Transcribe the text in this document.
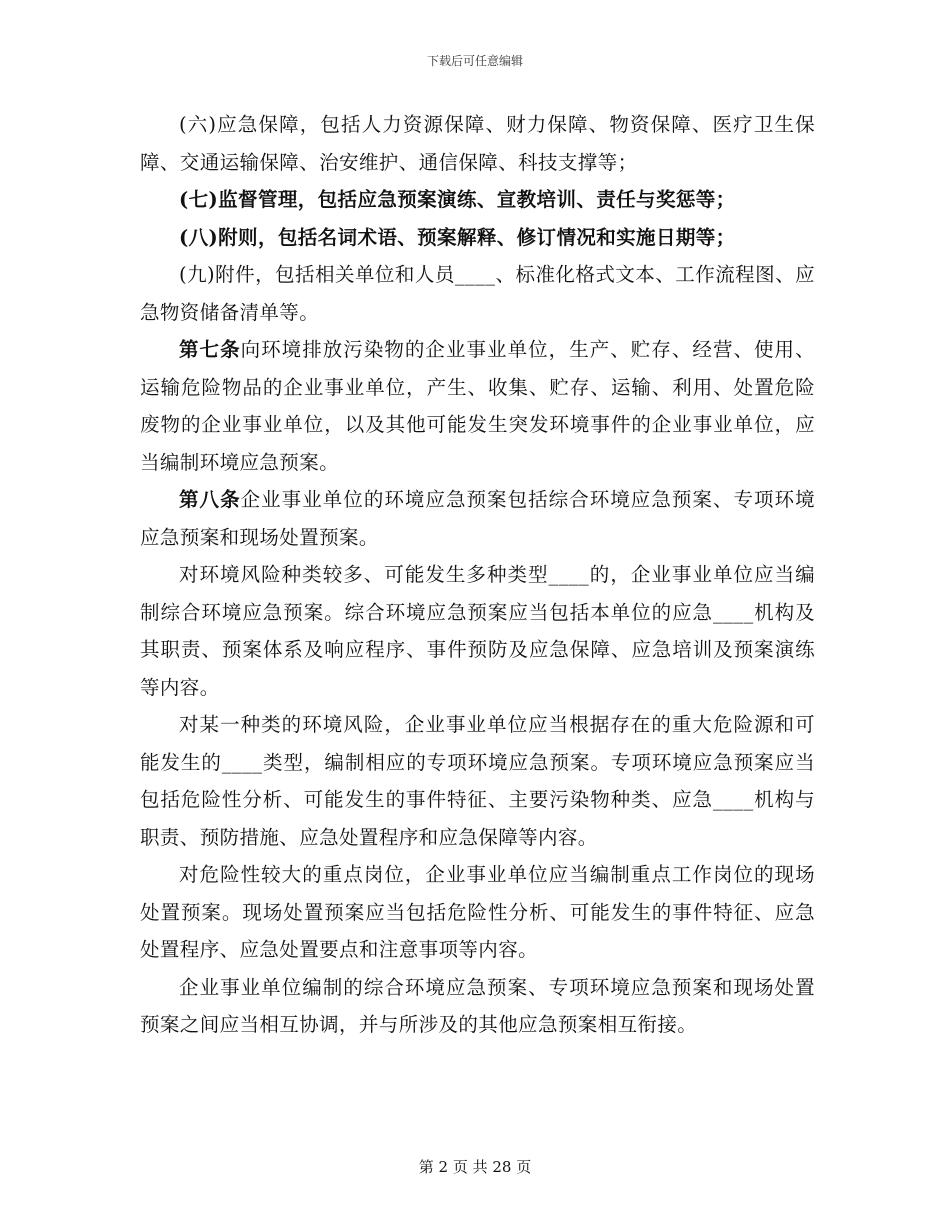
下载后可任意编辑

(六)应急保障，包括人力资源保障、财力保障、物资保障、医疗卫生保障、交通运输保障、治安维护、通信保障、科技支撑等；

(七)监督管理，包括应急预案演练、宣教培训、责任与奖惩等；

(八)附则，包括名词术语、预案解释、修订情况和实施日期等；

(九)附件，包括相关单位和人员____、标准化格式文本、工作流程图、应急物资储备清单等。

第七条向环境排放污染物的企业事业单位，生产、贮存、经营、使用、运输危险物品的企业事业单位，产生、收集、贮存、运输、利用、处置危险废物的企业事业单位，以及其他可能发生突发环境事件的企业事业单位，应当编制环境应急预案。

第八条企业事业单位的环境应急预案包括综合环境应急预案、专项环境应急预案和现场处置预案。

对环境风险种类较多、可能发生多种类型____的，企业事业单位应当编制综合环境应急预案。综合环境应急预案应当包括本单位的应急____机构及其职责、预案体系及响应程序、事件预防及应急保障、应急培训及预案演练等内容。

对某一种类的环境风险，企业事业单位应当根据存在的重大危险源和可能发生的____类型，编制相应的专项环境应急预案。专项环境应急预案应当包括危险性分析、可能发生的事件特征、主要污染物种类、应急____机构与职责、预防措施、应急处置程序和应急保障等内容。

对危险性较大的重点岗位，企业事业单位应当编制重点工作岗位的现场处置预案。现场处置预案应当包括危险性分析、可能发生的事件特征、应急处置程序、应急处置要点和注意事项等内容。

企业事业单位编制的综合环境应急预案、专项环境应急预案和现场处置预案之间应当相互协调，并与所涉及的其他应急预案相互衔接。

第 2 页 共 28 页
